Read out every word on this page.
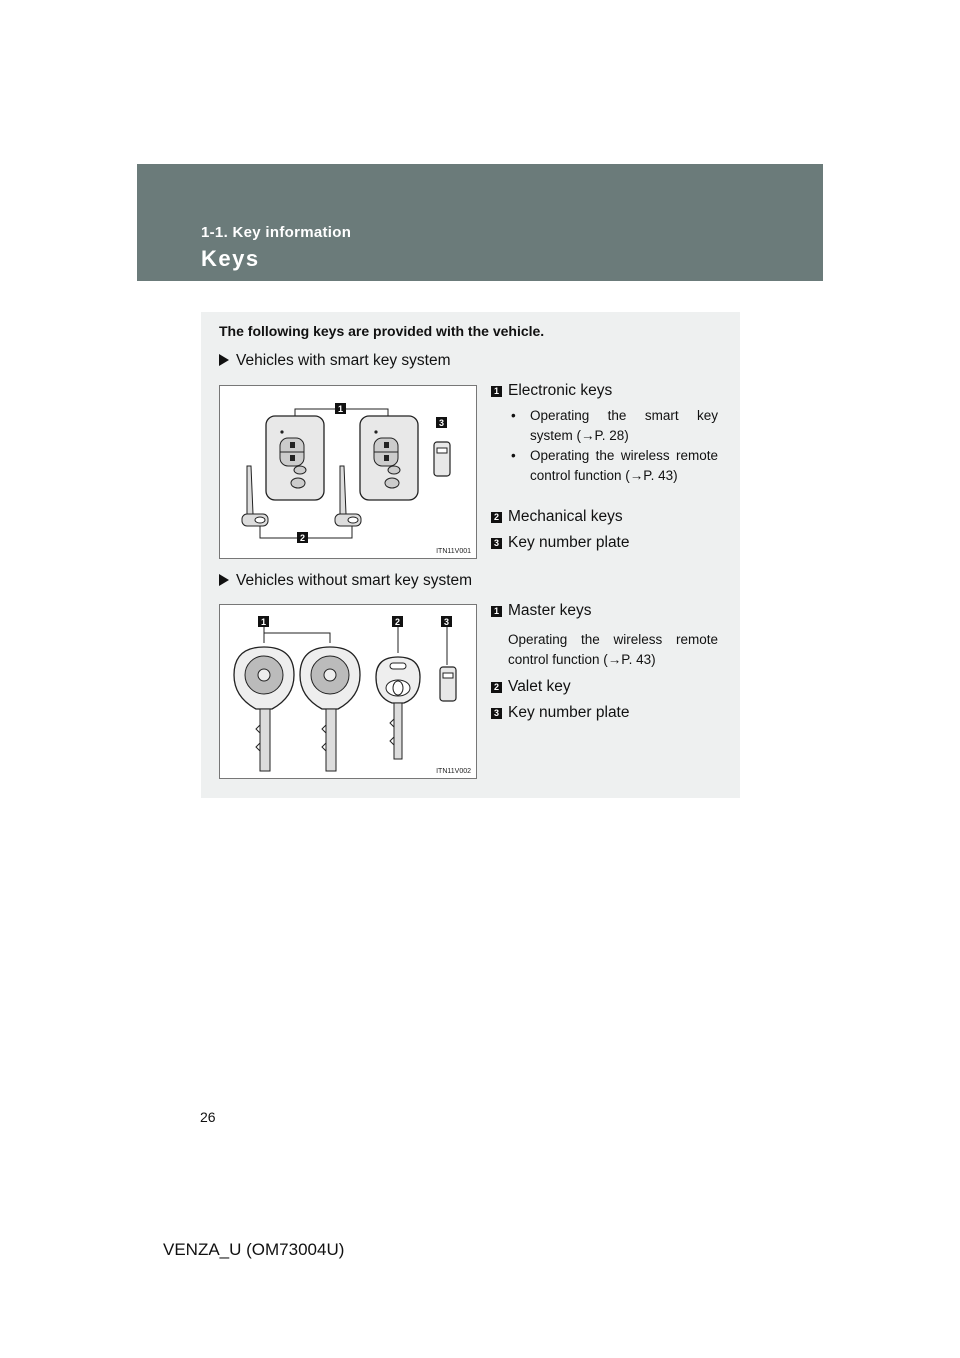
1-1. Key information
Keys
The following keys are provided with the vehicle.
Vehicles with smart key system
1
2
3
ITN11V001
1 Electronic keys
• Operating the smart key system (→P. 28)
• Operating the wireless remote control function (→P. 43)
2 Mechanical keys
3 Key number plate
Vehicles without smart key system
1	2	3
ITN11V002
1 Master keys
Operating the wireless remote control function (→P. 43)
2 Valet key
3 Key number plate
26
VENZA_U (OM73004U)
